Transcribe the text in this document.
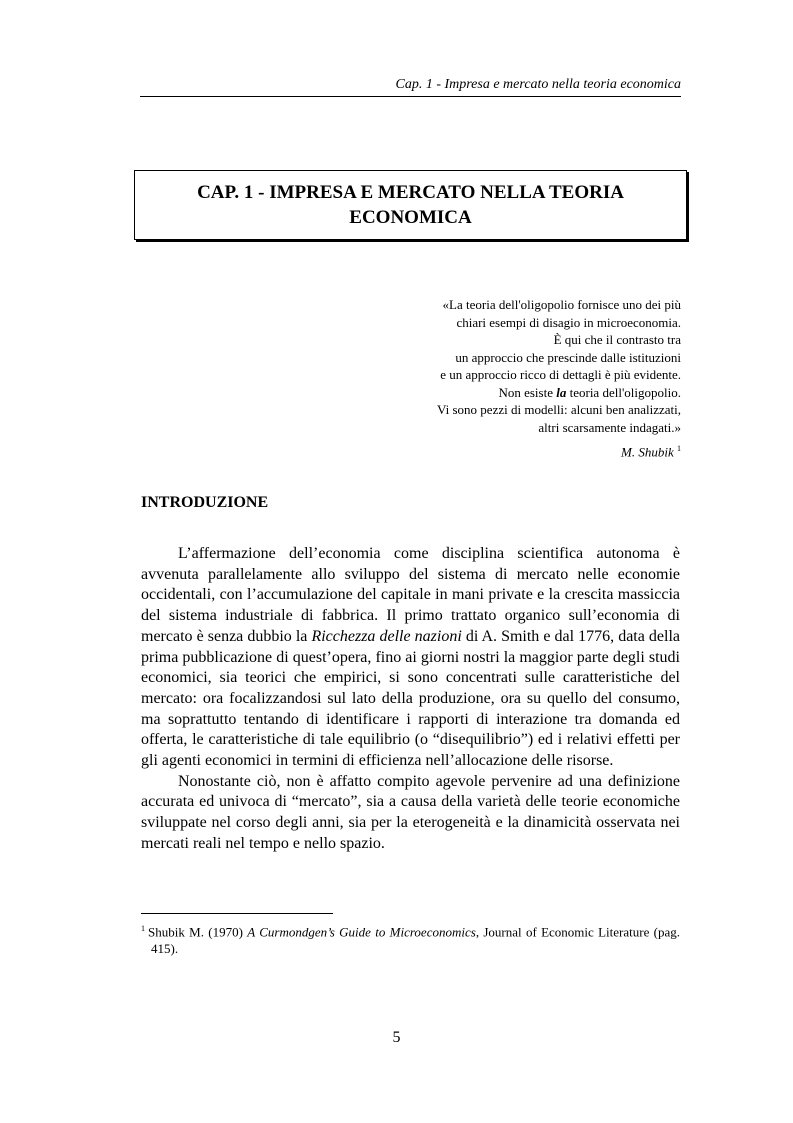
Cap. 1 - Impresa e mercato nella teoria economica
CAP. 1 - IMPRESA E MERCATO NELLA TEORIA
ECONOMICA
«La teoria dell'oligopolio fornisce uno dei più
chiari esempi di disagio in microeconomia.
È qui che il contrasto tra
un approccio che prescinde dalle istituzioni
e un approccio ricco di dettagli è più evidente.
Non esiste la teoria dell'oligopolio.
Vi sono pezzi di modelli: alcuni ben analizzati,
altri scarsamente indagati.»
M. Shubik $^1$
INTRODUZIONE

L’affermazione dell’economia come disciplina scientifica autonoma è avvenuta parallelamente allo sviluppo del sistema di mercato nelle economie occidentali, con l’accumulazione del capitale in mani private e la crescita massiccia del sistema industriale di fabbrica. Il primo trattato organico sull’economia di mercato è senza dubbio la Ricchezza delle nazioni di A. Smith e dal 1776, data della prima pubblicazione di quest’opera, fino ai giorni nostri la maggior parte degli studi economici, sia teorici che empirici, si sono concentrati sulle caratteristiche del mercato: ora focalizzandosi sul lato della produzione, ora su quello del consumo, ma soprattutto tentando di identificare i rapporti di interazione tra domanda ed offerta, le caratteristiche di tale equilibrio (o “disequilibrio”) ed i relativi effetti per gli agenti economici in termini di efficienza nell’allocazione delle risorse.

Nonostante ciò, non è affatto compito agevole pervenire ad una definizione accurata ed univoca di “mercato”, sia a causa della varietà delle teorie economiche sviluppate nel corso degli anni, sia per la eterogeneità e la dinamicità osservata nei mercati reali nel tempo e nello spazio.

$^1$ Shubik M. (1970) A Curmondgen’s Guide to Microeconomics, Journal of Economic Literature (pag. 415).
5
